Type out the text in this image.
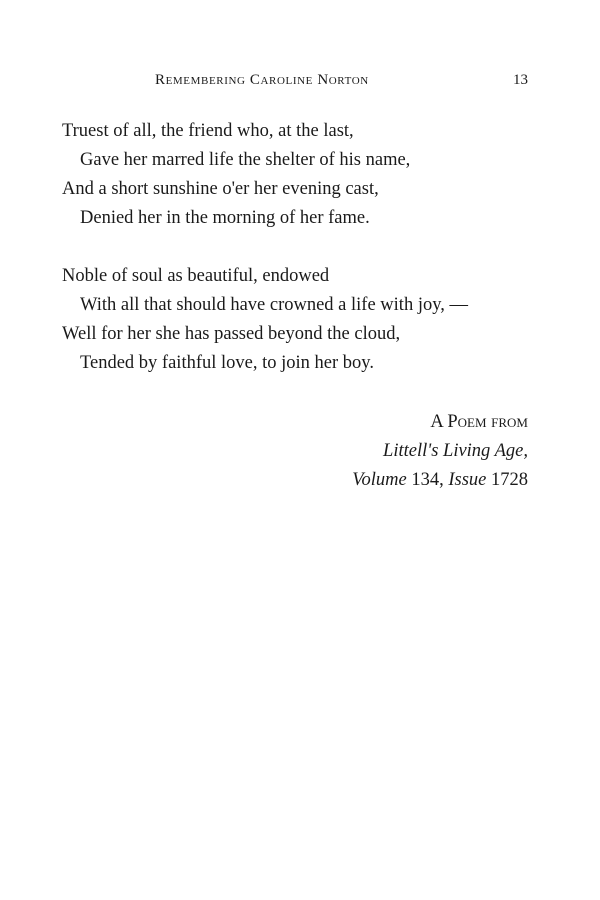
Remembering Caroline Norton	13
Truest of all, the friend who, at the last,
Gave her marred life the shelter of his name,
And a short sunshine o'er her evening cast,
Denied her in the morning of her fame.
Noble of soul as beautiful, endowed
With all that should have crowned a life with joy, —
Well for her she has passed beyond the cloud,
Tended by faithful love, to join her boy.
A Poem from
Littell's Living Age,
Volume 134, Issue 1728
